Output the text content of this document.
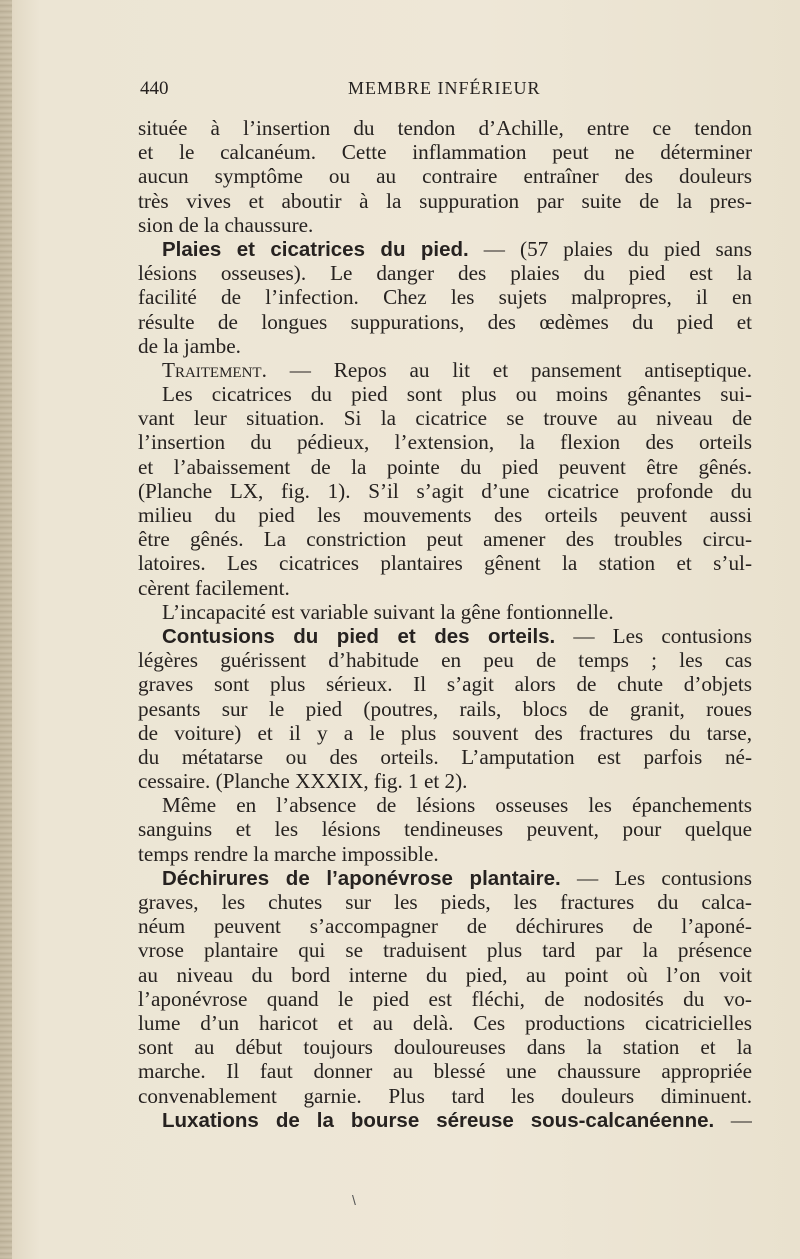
440	MEMBRE INFÉRIEUR
située à l’insertion du tendon d’Achille, entre ce tendon
et le calcanéum. Cette inflammation peut ne déterminer
aucun symptôme ou au contraire entraîner des douleurs
très vives et aboutir à la suppuration par suite de la pres-
sion de la chaussure.
Plaies et cicatrices du pied. — (57 plaies du pied sans
lésions osseuses). Le danger des plaies du pied est la
facilité de l’infection. Chez les sujets malpropres, il en
résulte de longues suppurations, des œdèmes du pied et
de la jambe.
Traitement. — Repos au lit et pansement antiseptique.
Les cicatrices du pied sont plus ou moins gênantes sui-
vant leur situation. Si la cicatrice se trouve au niveau de
l’insertion du pédieux, l’extension, la flexion des orteils
et l’abaissement de la pointe du pied peuvent être gênés.
(Planche LX, fig. 1). S’il s’agit d’une cicatrice profonde du
milieu du pied les mouvements des orteils peuvent aussi
être gênés. La constriction peut amener des troubles circu-
latoires. Les cicatrices plantaires gênent la station et s’ul-
cèrent facilement.
L’incapacité est variable suivant la gêne fontionnelle.
Contusions du pied et des orteils. — Les contusions
légères guérissent d’habitude en peu de temps ; les cas
graves sont plus sérieux. Il s’agit alors de chute d’objets
pesants sur le pied (poutres, rails, blocs de granit, roues
de voiture) et il y a le plus souvent des fractures du tarse,
du métatarse ou des orteils. L’amputation est parfois né-
cessaire. (Planche XXXIX, fig. 1 et 2).
Même en l’absence de lésions osseuses les épanchements
sanguins et les lésions tendineuses peuvent, pour quelque
temps rendre la marche impossible.
Déchirures de l’aponévrose plantaire. — Les contusions
graves, les chutes sur les pieds, les fractures du calca-
néum peuvent s’accompagner de déchirures de l’aponé-
vrose plantaire qui se traduisent plus tard par la présence
au niveau du bord interne du pied, au point où l’on voit
l’aponévrose quand le pied est fléchi, de nodosités du vo-
lume d’un haricot et au delà. Ces productions cicatricielles
sont au début toujours douloureuses dans la station et la
marche. Il faut donner au blessé une chaussure appropriée
convenablement garnie. Plus tard les douleurs diminuent.
Luxations de la bourse séreuse sous-calcanéenne. —
\
